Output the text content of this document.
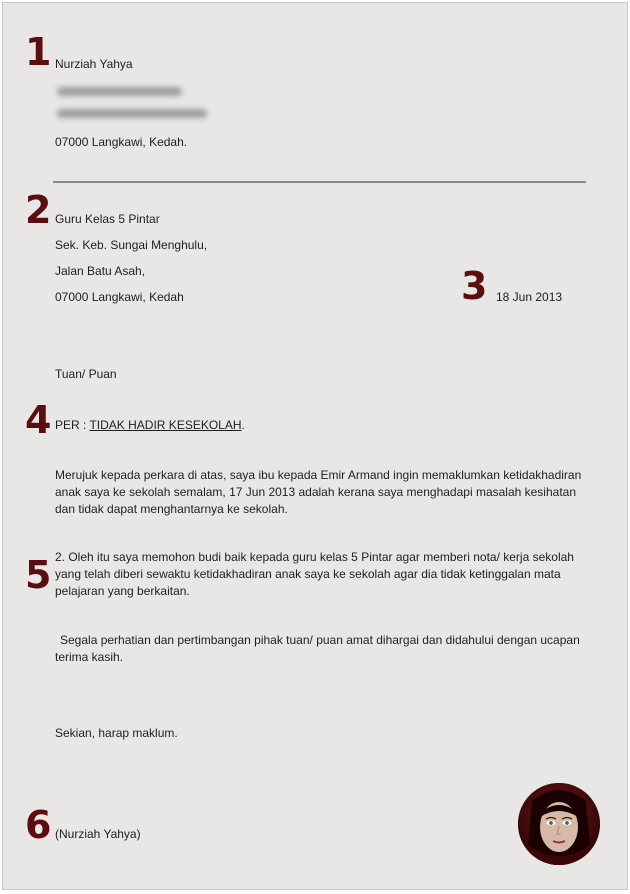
1 Nurziah Yahya
07000 Langkawi, Kedah.
2 Guru Kelas 5 Pintar
Sek. Keb. Sungai Menghulu,
Jalan Batu Asah,
07000 Langkawi, Kedah	3 18 Jun 2013
Tuan/ Puan
4 PER : TIDAK HADIR KESEKOLAH.
Merujuk kepada perkara di atas, saya ibu kepada Emir Armand ingin memaklumkan ketidakhadiran anak saya ke sekolah semalam, 17 Jun 2013 adalah kerana saya menghadapi masalah kesihatan dan tidak dapat menghantarnya ke sekolah.
5 2. Oleh itu saya memohon budi baik kepada guru kelas 5 Pintar agar memberi nota/ kerja sekolah yang telah diberi sewaktu ketidakhadiran anak saya ke sekolah agar dia tidak ketinggalan mata pelajaran yang berkaitan.
Segala perhatian dan pertimbangan pihak tuan/ puan amat dihargai dan didahului dengan ucapan terima kasih.
Sekian, harap maklum.
6 (Nurziah Yahya)
